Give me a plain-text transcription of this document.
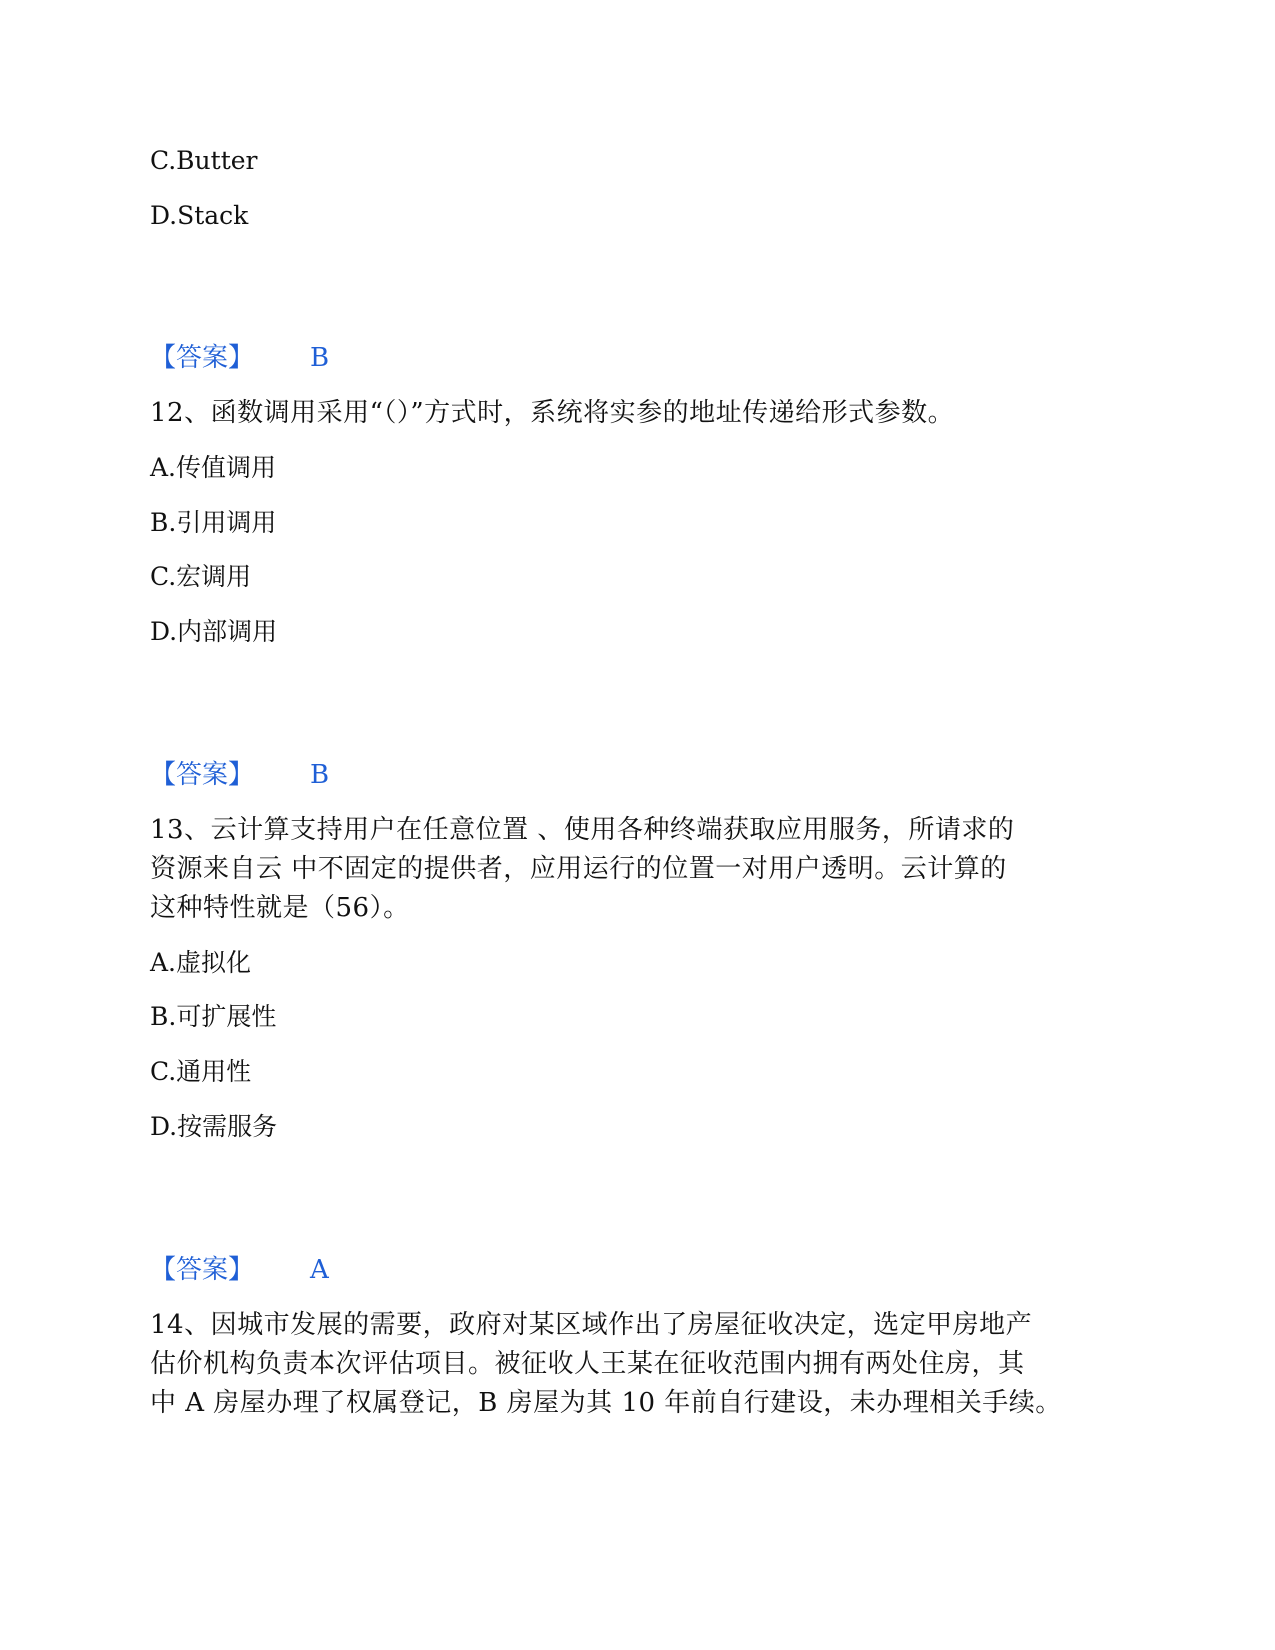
C.Butter
D.Stack
【答案】 B
12、函数调用采用“（）”方式时，系统将实参的地址传递给形式参数。
A.传值调用
B.引用调用
C.宏调用
D.内部调用
【答案】 B
13、云计算支持用户在任意位置 、使用各种终端获取应用服务，所请求的
资源来自云 中不固定的提供者，应用运行的位置一对用户透明。云计算的
这种特性就是（56）。
A.虚拟化
B.可扩展性
C.通用性
D.按需服务
【答案】 A
14、因城市发展的需要，政府对某区域作出了房屋征收决定，选定甲房地产
估价机构负责本次评估项目。被征收人王某在征收范围内拥有两处住房，其
中 A 房屋办理了权属登记，B 房屋为其 10 年前自行建设，未办理相关手续。
